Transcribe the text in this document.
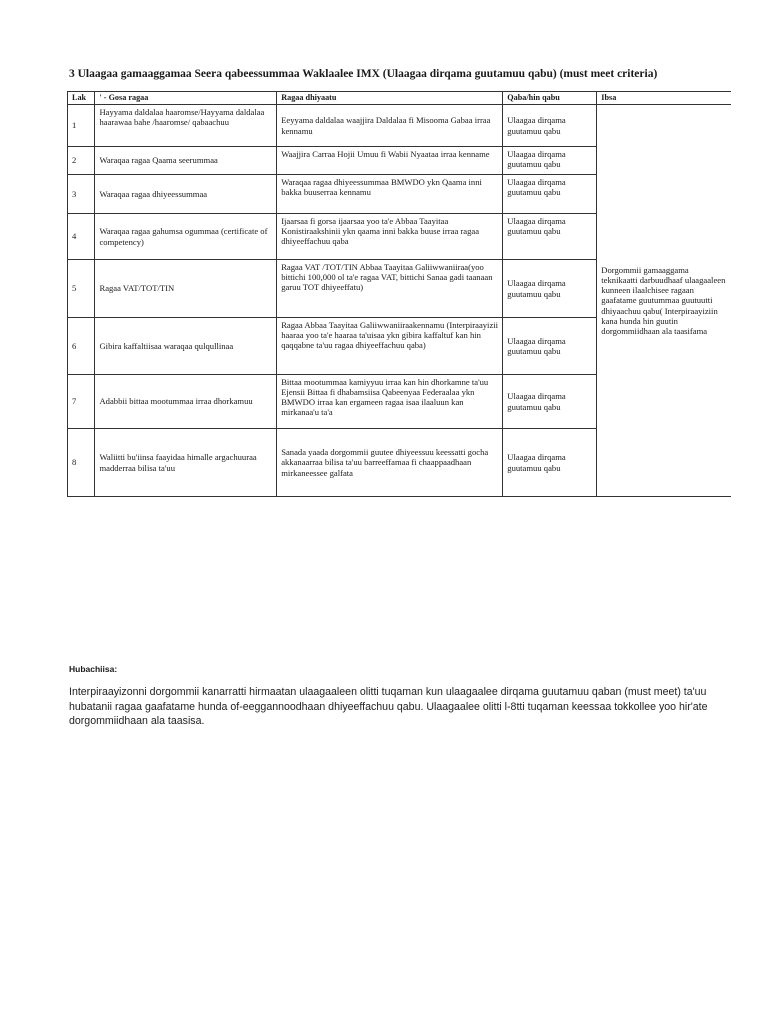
3 Ulaagaa gamaaggamaa Seera qabeessummaa Waklaalee IMX (Ulaagaa dirqama guutamuu qabu) (must meet criteria)
Lak	' - Gosa ragaa	Ragaa dhiyaatu	Qaba/hin qabu	Ibsa
1	Hayyama daldalaa haaromse/Hayyama daldalaa haarawaa bahe /haaromse/ qabaachuu	Eeyyama daldalaa waajjira Daldalaa fi Misooma Gabaa irraa kennamu	Ulaagaa dirqama guutamuu qabu	Dorgommii gamaaggama teknikaatti darbuudhaaf ulaagaaleen kunneen ilaalchisee ragaan gaafatame guutummaa guutuutti dhiyaachuu qabu( Interpiraayiziin kana hunda hin guutin dorgommiidhaan ala taasifama
2	Waraqaa ragaa Qaama seerummaa	Waajjira Carraa Hojii Umuu fi Wabii Nyaataa irraa kenname	Ulaagaa dirqama guutamuu qabu	
3	Waraqaa ragaa dhiyeessummaa	Waraqaa ragaa dhiyeessummaa BMWDO ykn Qaama inni bakka buuserraa kennamu	Ulaagaa dirqama guutamuu qabu	
4	Waraqaa ragaa gahumsa ogummaa (certificate of competency)	Ijaarsaa fi gorsa ijaarsaa yoo ta'e Abbaa Taayitaa Konistiraakshinii ykn qaama inni bakka buuse irraa ragaa dhiyeeffachuu qaba	Ulaagaa dirqama guutamuu qabu	
5	Ragaa VAT/TOT/TIN	Ragaa VAT /TOT/TIN Abbaa Taayitaa Galiiwwaniiraa(yoo bittichi 100,000 ol ta'e ragaa VAT, bittichi Sanaa gadi taanaan garuu TOT dhiyeeffatu)	Ulaagaa dirqama guutamuu qabu	
6	Gibira kaffaltiisaa waraqaa qulqullinaa	Ragaa Abbaa Taayitaa Galiiwwaniiraakennamu (Interpiraayizii haaraa yoo ta'e haaraa ta'uisaa ykn gibira kaffaltuf kan hin qaqqabne ta'uu ragaa dhiyeeffachuu qaba)	Ulaagaa dirqama guutamuu qabu	
7	Adabbii bittaa mootummaa irraa dhorkamuu	Bittaa mootummaa kamiyyuu irraa kan hin dhorkamne ta'uu Ejensii Bittaa fi dhabamsiisa Qabeenyaa Federaalaa ykn BMWDO irraa kan ergameen ragaa isaa ilaaluun kan mirkanaa'u ta'a	Ulaagaa dirqama guutamuu qabu	
8	Waliitti bu'iinsa faayidaa himalle argachuuraa madderraa bilisa ta'uu	Sanada yaada dorgommii guutee dhiyeessuu keessatti gocha akkanaarraa bilisa ta'uu barreeffamaa fi chaappaadhaan mirkaneessee galfata	Ulaagaa dirqama guutamuu qabu	
Hubachiisa:
Interpiraayizonni dorgommii kanarratti hirmaatan ulaagaaleen olitti tuqaman kun ulaagaalee dirqama guutamuu qaban (must meet) ta'uu hubatanii ragaa gaafatame hunda of-eeggannoodhaan dhiyeeffachuu qabu. Ulaagaalee olitti l-8tti tuqaman keessaa tokkollee yoo hir'ate dorgommiidhaan ala taasisa.
